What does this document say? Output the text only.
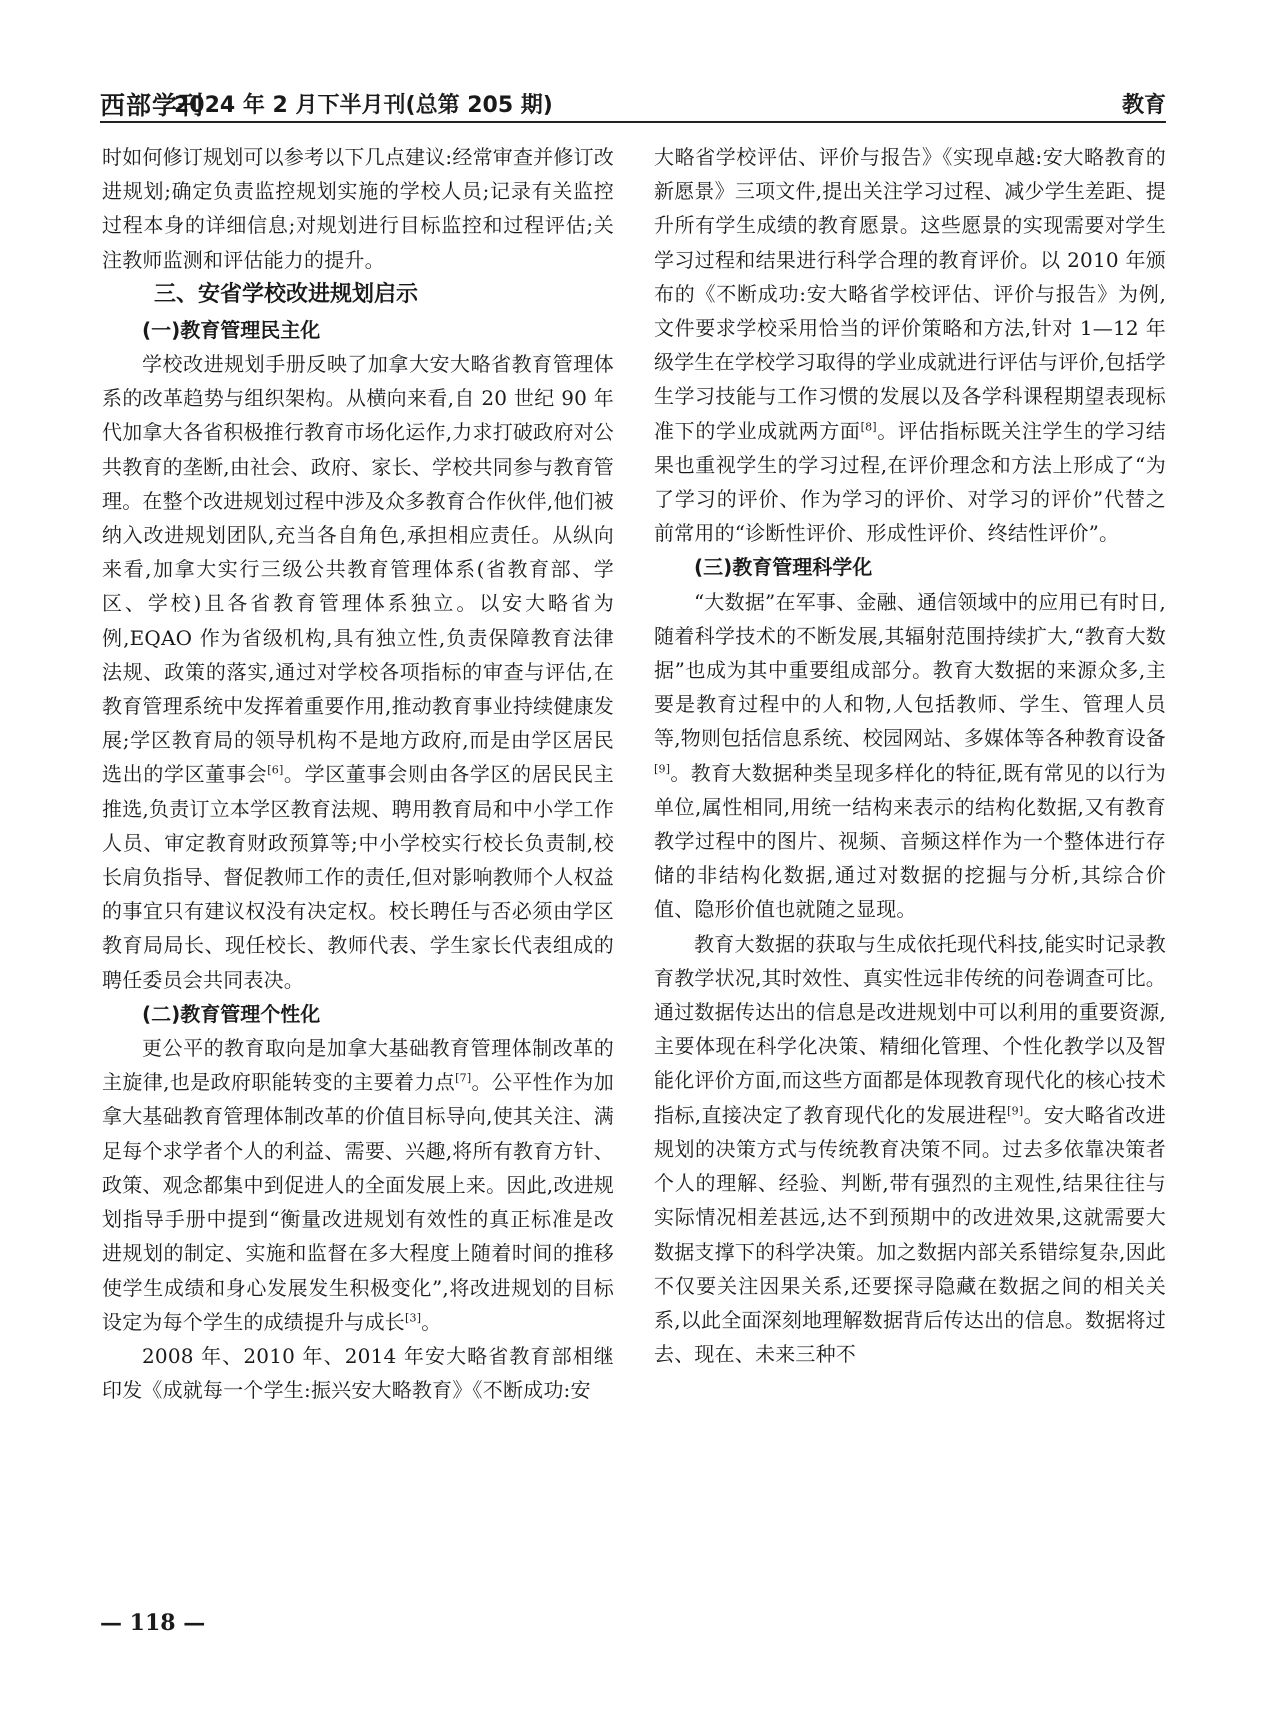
西部学刊
2024 年 2 月下半月刊(总第 205 期)	教育

时如何修订规划可以参考以下几点建议:经常审查并修订改进规划;确定负责监控规划实施的学校人员;记录有关监控过程本身的详细信息;对规划进行目标监控和过程评估;关注教师监测和评估能力的提升。

三、安省学校改进规划启示
(一)教育管理民主化

学校改进规划手册反映了加拿大安大略省教育管理体系的改革趋势与组织架构。从横向来看,自 20 世纪 90 年代加拿大各省积极推行教育市场化运作,力求打破政府对公共教育的垄断,由社会、政府、家长、学校共同参与教育管理。在整个改进规划过程中涉及众多教育合作伙伴,他们被纳入改进规划团队,充当各自角色,承担相应责任。从纵向来看,加拿大实行三级公共教育管理体系(省教育部、学区、学校)且各省教育管理体系独立。以安大略省为例,EQAO 作为省级机构,具有独立性,负责保障教育法律法规、政策的落实,通过对学校各项指标的审查与评估,在教育管理系统中发挥着重要作用,推动教育事业持续健康发展;学区教育局的领导机构不是地方政府,而是由学区居民选出的学区董事会[6]。学区董事会则由各学区的居民民主推选,负责订立本学区教育法规、聘用教育局和中小学工作人员、审定教育财政预算等;中小学校实行校长负责制,校长肩负指导、督促教师工作的责任,但对影响教师个人权益的事宜只有建议权没有决定权。校长聘任与否必须由学区教育局局长、现任校长、教师代表、学生家长代表组成的聘任委员会共同表决。

(二)教育管理个性化

更公平的教育取向是加拿大基础教育管理体制改革的主旋律,也是政府职能转变的主要着力点[7]。公平性作为加拿大基础教育管理体制改革的价值目标导向,使其关注、满足每个求学者个人的利益、需要、兴趣,将所有教育方针、政策、观念都集中到促进人的全面发展上来。因此,改进规划指导手册中提到“衡量改进规划有效性的真正标准是改进规划的制定、实施和监督在多大程度上随着时间的推移使学生成绩和身心发展发生积极变化”,将改进规划的目标设定为每个学生的成绩提升与成长[3]。

2008 年、2010 年、2014 年安大略省教育部相继印发《成就每一个学生:振兴安大略教育》《不断成功:安

大略省学校评估、评价与报告》《实现卓越:安大略教育的新愿景》三项文件,提出关注学习过程、减少学生差距、提升所有学生成绩的教育愿景。这些愿景的实现需要对学生学习过程和结果进行科学合理的教育评价。以 2010 年颁布的《不断成功:安大略省学校评估、评价与报告》为例,文件要求学校采用恰当的评价策略和方法,针对 1—12 年级学生在学校学习取得的学业成就进行评估与评价,包括学生学习技能与工作习惯的发展以及各学科课程期望表现标准下的学业成就两方面[8]。评估指标既关注学生的学习结果也重视学生的学习过程,在评价理念和方法上形成了“为了学习的评价、作为学习的评价、对学习的评价”代替之前常用的“诊断性评价、形成性评价、终结性评价”。

(三)教育管理科学化

“大数据”在军事、金融、通信领域中的应用已有时日,随着科学技术的不断发展,其辐射范围持续扩大,“教育大数据”也成为其中重要组成部分。教育大数据的来源众多,主要是教育过程中的人和物,人包括教师、学生、管理人员等,物则包括信息系统、校园网站、多媒体等各种教育设备[9]。教育大数据种类呈现多样化的特征,既有常见的以行为单位,属性相同,用统一结构来表示的结构化数据,又有教育教学过程中的图片、视频、音频这样作为一个整体进行存储的非结构化数据,通过对数据的挖掘与分析,其综合价值、隐形价值也就随之显现。

教育大数据的获取与生成依托现代科技,能实时记录教育教学状况,其时效性、真实性远非传统的问卷调查可比。通过数据传达出的信息是改进规划中可以利用的重要资源,主要体现在科学化决策、精细化管理、个性化教学以及智能化评价方面,而这些方面都是体现教育现代化的核心技术指标,直接决定了教育现代化的发展进程[9]。安大略省改进规划的决策方式与传统教育决策不同。过去多依靠决策者个人的理解、经验、判断,带有强烈的主观性,结果往往与实际情况相差甚远,达不到预期中的改进效果,这就需要大数据支撑下的科学决策。加之数据内部关系错综复杂,因此不仅要关注因果关系,还要探寻隐藏在数据之间的相关关系,以此全面深刻地理解数据背后传达出的信息。数据将过去、现在、未来三种不

— 118 —
